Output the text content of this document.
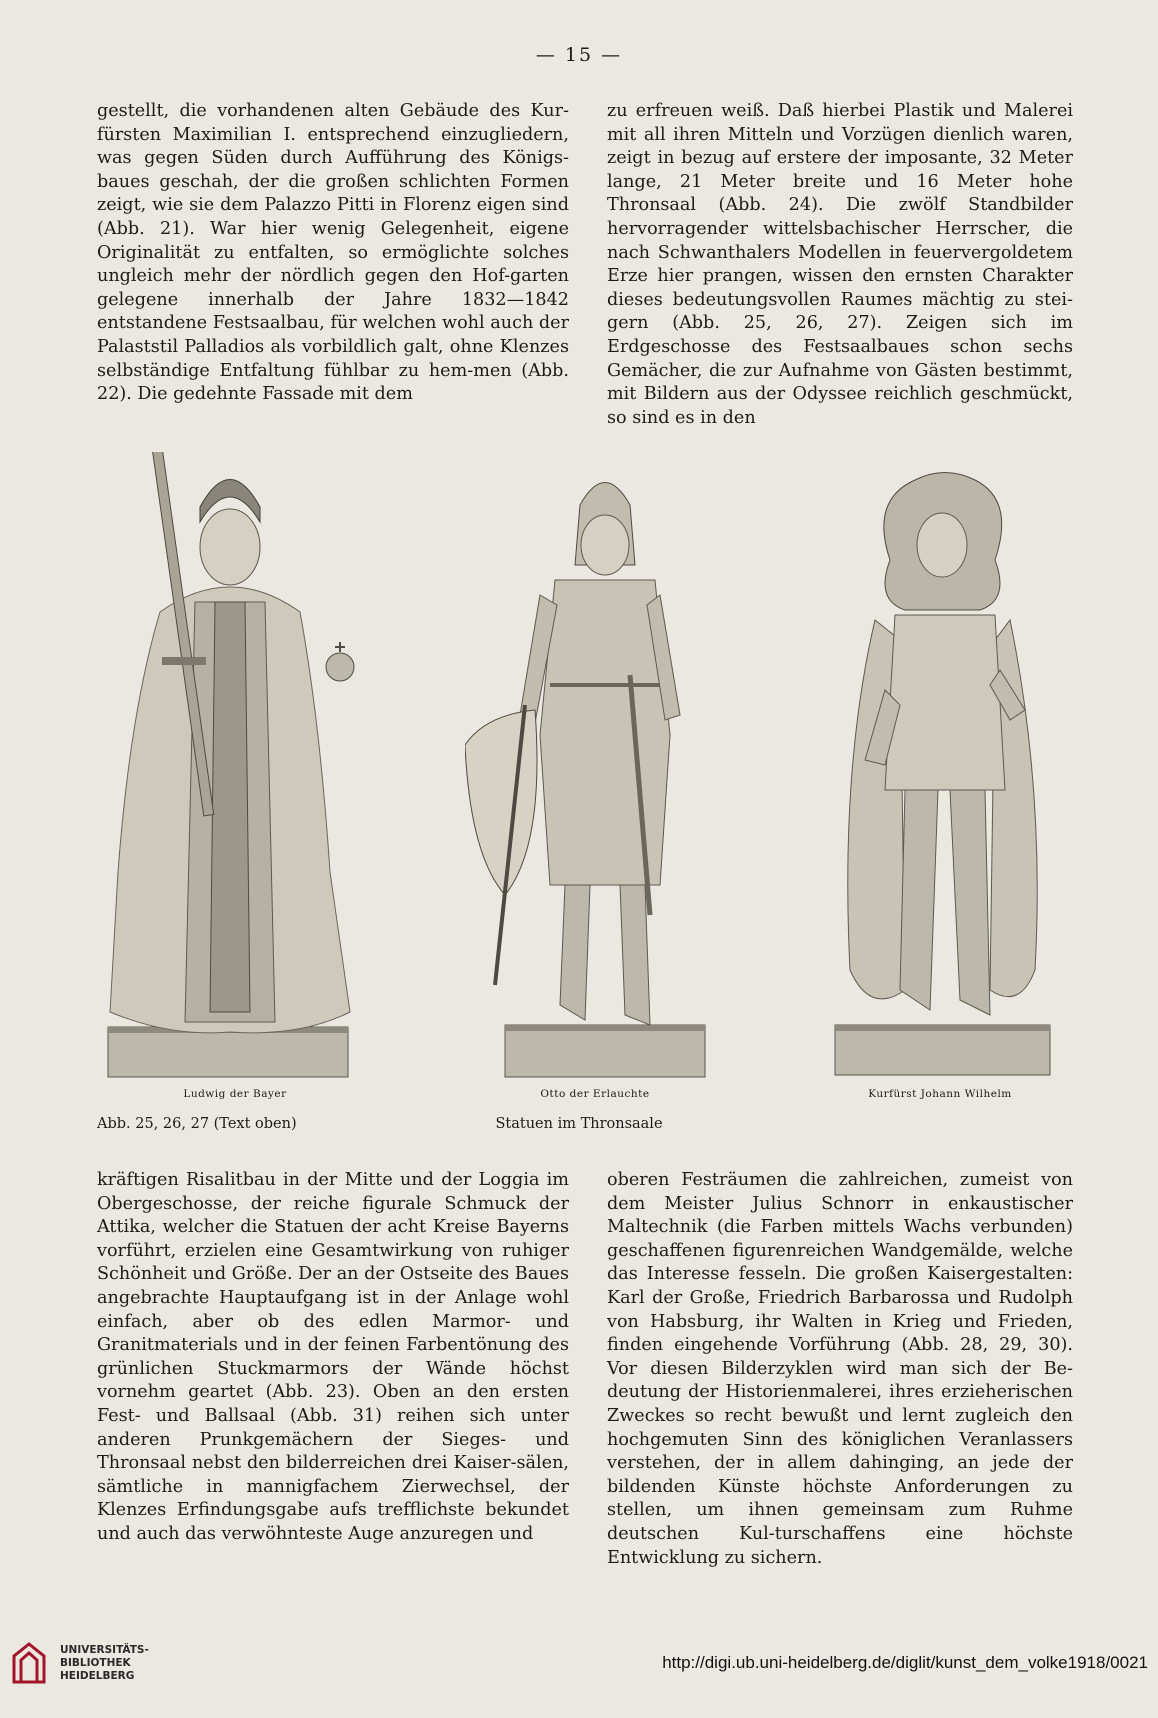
— 15 —

gestellt, die vorhandenen alten Gebäude des Kur-fürsten Maximilian I. entsprechend einzugliedern, was gegen Süden durch Aufführung des Königs-baues geschah, der die großen schlichten Formen zeigt, wie sie dem Palazzo Pitti in Florenz eigen sind (Abb. 21). War hier wenig Gelegenheit, eigene Originalität zu entfalten, so ermöglichte solches ungleich mehr der nördlich gegen den Hof-garten gelegene innerhalb der Jahre 1832—1842 entstandene Festsaalbau, für welchen wohl auch der Palaststil Palladios als vorbildlich galt, ohne Klenzes selbständige Entfaltung fühlbar zu hem-men (Abb. 22). Die gedehnte Fassade mit dem

zu erfreuen weiß. Daß hierbei Plastik und Malerei mit all ihren Mitteln und Vorzügen dienlich waren, zeigt in bezug auf erstere der imposante, 32 Meter lange, 21 Meter breite und 16 Meter hohe Thronsaal (Abb. 24). Die zwölf Standbilder hervorragender wittelsbachischer Herrscher, die nach Schwanthalers Modellen in feuervergoldetem Erze hier prangen, wissen den ernsten Charakter dieses bedeutungsvollen Raumes mächtig zu stei-gern (Abb. 25, 26, 27). Zeigen sich im Erdgeschosse des Festsaalbaues schon sechs Gemächer, die zur Aufnahme von Gästen bestimmt, mit Bildern aus der Odyssee reichlich geschmückt, so sind es in den

Ludwig der Bayer	Otto der Erlauchte	Kurfürst Johann Wilhelm
Abb. 25, 26, 27 (Text oben)	Statuen im Thronsaale

kräftigen Risalitbau in der Mitte und der Loggia im Obergeschosse, der reiche figurale Schmuck der Attika, welcher die Statuen der acht Kreise Bayerns vorführt, erzielen eine Gesamtwirkung von ruhiger Schönheit und Größe. Der an der Ostseite des Baues angebrachte Hauptaufgang ist in der Anlage wohl einfach, aber ob des edlen Marmor- und Granitmaterials und in der feinen Farbentönung des grünlichen Stuckmarmors der Wände höchst vornehm geartet (Abb. 23). Oben an den ersten Fest- und Ballsaal (Abb. 31) reihen sich unter anderen Prunkgemächern der Sieges- und Thronsaal nebst den bilderreichen drei Kaiser-sälen, sämtliche in mannigfachem Zierwechsel, der Klenzes Erfindungsgabe aufs trefflichste bekundet und auch das verwöhnteste Auge anzuregen und

oberen Festräumen die zahlreichen, zumeist von dem Meister Julius Schnorr in enkaustischer Maltechnik (die Farben mittels Wachs verbunden) geschaffenen figurenreichen Wandgemälde, welche das Interesse fesseln. Die großen Kaisergestalten: Karl der Große, Friedrich Barbarossa und Rudolph von Habsburg, ihr Walten in Krieg und Frieden, finden eingehende Vorführung (Abb. 28, 29, 30). Vor diesen Bilderzyklen wird man sich der Be-deutung der Historienmalerei, ihres erzieherischen Zweckes so recht bewußt und lernt zugleich den hochgemuten Sinn des königlichen Veranlassers verstehen, der in allem dahinging, an jede der bildenden Künste höchste Anforderungen zu stellen, um ihnen gemeinsam zum Ruhme deutschen Kul-turschaffens eine höchste Entwicklung zu sichern.

UNIVERSITÄTS-
BIBLIOTHEK
HEIDELBERG
http://digi.ub.uni-heidelberg.de/diglit/kunst_dem_volke1918/0021
